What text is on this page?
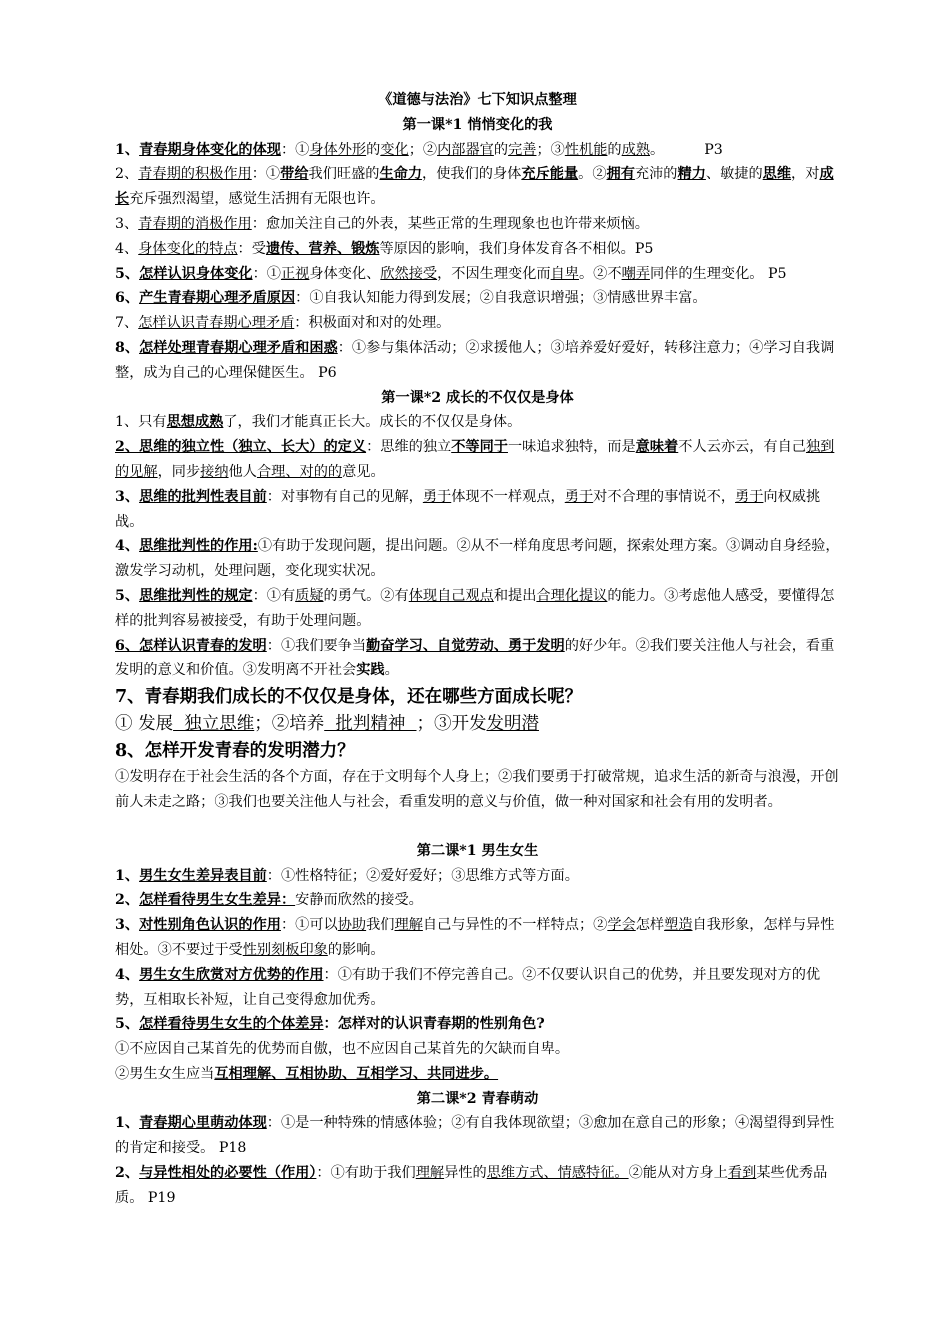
《道德与法治》七下知识点整理

第一课*1 悄悄变化的我

1、青春期身体变化的体现：①身体外形的变化；②内部器官的完善；③性机能的成熟。	P3

2、青春期的积极作用：①带给我们旺盛的生命力，使我们的身体充斥能量。②拥有充沛的精力、敏捷的思维，对成长充斥强烈渴望，感觉生活拥有无限也许。

3、青春期的消极作用：愈加关注自己的外表，某些正常的生理现象也也许带来烦恼。

4、身体变化的特点：受遗传、营养、锻炼等原因的影响，我们身体发育各不相似。P5

5、怎样认识身体变化：①正视身体变化、欣然接受，不因生理变化而自卑。②不嘲弄同伴的生理变化。 P5

6、产生青春期心理矛盾原因：①自我认知能力得到发展；②自我意识增强；③情感世界丰富。

7、怎样认识青春期心理矛盾：积极面对和对的处理。

8、怎样处理青春期心理矛盾和困惑：①参与集体活动；②求援他人；③培养爱好爱好，转移注意力；④学习自我调整，成为自己的心理保健医生。 P6

第一课*2 成长的不仅仅是身体

1、只有思想成熟了，我们才能真正长大。成长的不仅仅是身体。

2、思维的独立性（独立、长大）的定义：思维的独立不等同于一味追求独特，而是意味着不人云亦云，有自己独到的见解，同步接纳他人合理、对的的意见。

3、思维的批判性表目前：对事物有自己的见解，勇于体现不一样观点，勇于对不合理的事情说不，勇于向权威挑战。

4、思维批判性的作用:①有助于发现问题，提出问题。②从不一样角度思考问题，探索处理方案。③调动自身经验，激发学习动机，处理问题，变化现实状况。

5、思维批判性的规定：①有质疑的勇气。②有体现自己观点和提出合理化提议的能力。③考虑他人感受，要懂得怎样的批判容易被接受，有助于处理问题。

6、怎样认识青春的发明：①我们要争当勤奋学习、自觉劳动、勇于发明的好少年。②我们要关注他人与社会，看重发明的意义和价值。③发明离不开社会实践。

7、青春期我们成长的不仅仅是身体，还在哪些方面成长呢？

① 发展  独立思维；②培养  批判精神  ；③开发发明潜

8、怎样开发青春的发明潜力？

①发明存在于社会生活的各个方面，存在于文明每个人身上；②我们要勇于打破常规，追求生活的新奇与浪漫，开创前人未走之路；③我们也要关注他人与社会，看重发明的意义与价值，做一种对国家和社会有用的发明者。

第二课*1 男生女生

1、男生女生差异表目前：①性格特征；②爱好爱好；③思维方式等方面。

2、怎样看待男生女生差异：安静而欣然的接受。

3、对性别角色认识的作用：①可以协助我们理解自己与异性的不一样特点；②学会怎样塑造自我形象，怎样与异性相处。③不要过于受性别刻板印象的影响。

4、男生女生欣赏对方优势的作用：①有助于我们不停完善自己。②不仅要认识自己的优势，并且要发现对方的优势，互相取长补短，让自己变得愈加优秀。

5、怎样看待男生女生的个体差异：怎样对的认识青春期的性别角色?

①不应因自己某首先的优势而自傲，也不应因自己某首先的欠缺而自卑。

②男生女生应当互相理解、互相协助、互相学习、共同进步。

第二课*2 青春萌动

1、青春期心里萌动体现：①是一种特殊的情感体验；②有自我体现欲望；③愈加在意自己的形象；④渴望得到异性的肯定和接受。 P18

2、与异性相处的必要性（作用）：①有助于我们理解异性的思维方式、情感特征。②能从对方身上看到某些优秀品质。 P19
